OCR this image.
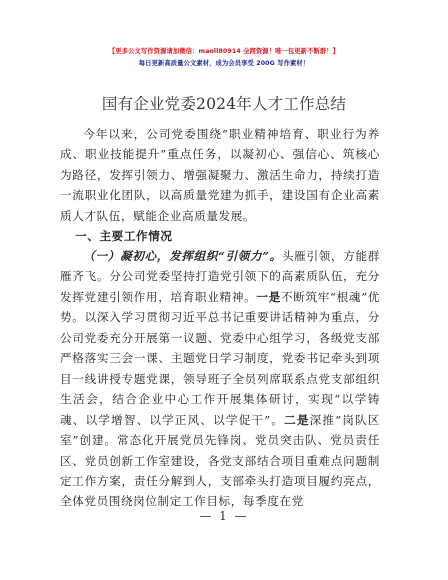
【更多公文写作资源请加微信：maoll80914 全网资源！唯一包更新不断群！】
每日更新高质量公文素材，成为会员享受 200G 写作素材！
国有企业党委2024年人才工作总结

今年以来，公司党委围绕“职业精神培育、职业行为养成、职业技能提升”重点任务，以凝初心、强信心、筑核心为路径，发挥引领力、增强凝聚力、激活生命力，持续打造一流职业化团队，以高质量党建为抓手，建设国有企业高素质人才队伍，赋能企业高质量发展。

一、主要工作情况

（一）凝初心，发挥组织“引领力”。头雁引领，方能群雁齐飞。分公司党委坚持打造党引领下的高素质队伍，充分发挥党建引领作用，培育职业精神。一是不断筑牢“根魂”优势。以深入学习贯彻习近平总书记重要讲话精神为重点，分公司党委充分开展第一议题、党委中心组学习，各级党支部严格落实三会一课、主题党日学习制度，党委书记牵头到项目一线讲授专题党课，领导班子全员列席联系点党支部组织生活会，结合企业中心工作开展集体研讨，实现“以学铸魂、以学增智、以学正风、以学促干”。二是深推“岗队区室”创建。常态化开展党员先锋岗、党员突击队、党员责任区、党员创新工作室建设，各党支部结合项目重难点问题制定工作方案，责任分解到人，支部牵头打造项目履约亮点，全体党员围绕岗位制定工作目标，每季度在党

— 1 —
